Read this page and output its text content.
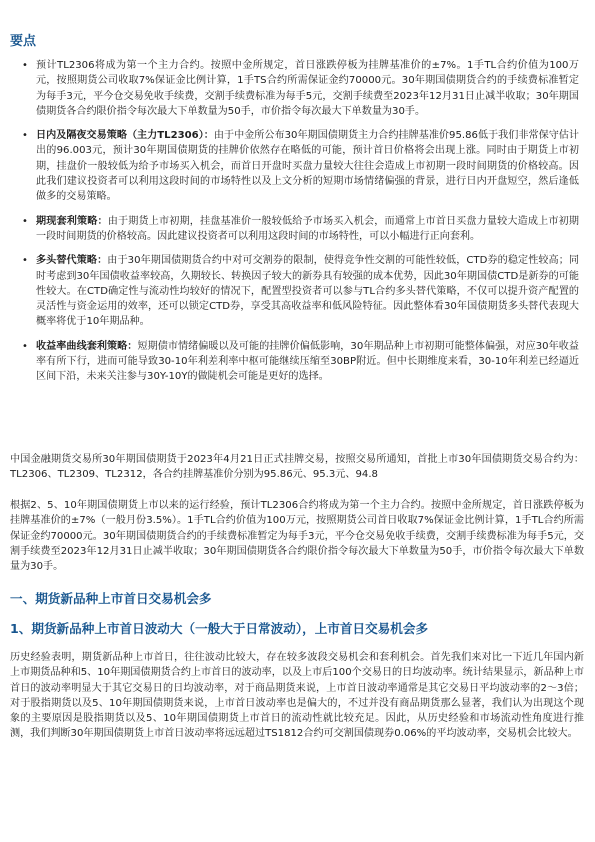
要点
• 预计TL2306将成为第一个主力合约。按照中金所规定，首日涨跌停板为挂牌基准价的±7%。1手TL合约价值为100万元，按照期货公司收取7%保证金比例计算，1手TS合约所需保证金约70000元。30年期国债期货合约的手续费标准暂定为每手3元，平今仓交易免收手续费，交割手续费标准为每手5元，交割手续费至2023年12月31日止减半收取；30年期国债期货各合约限价指令每次最大下单数量为50手，市价指令每次最大下单数量为30手。
• 日内及隔夜交易策略（主力TL2306）：由于中金所公布30年期国债期货主力合约挂牌基准价95.86低于我们非常保守估计出的96.003元，预计30年期国债期货的挂牌价依然存在略低的可能，预计首日价格将会出现上涨。同时由于期货上市初期，挂盘价一般较低为给予市场买入机会，而首日开盘时买盘力量较大往往会造成上市初期一段时间期货的价格较高。因此我们建议投资者可以利用这段时间的市场特性以及上文分析的短期市场情绪偏强的背景，进行日内开盘短空，然后逢低做多的交易策略。
• 期现套利策略：由于期货上市初期，挂盘基准价一般较低给予市场买入机会，而通常上市首日买盘力量较大造成上市初期一段时间期货的价格较高。因此建议投资者可以利用这段时间的市场特性，可以小幅进行正向套利。
• 多头替代策略：由于30年期国债期货合约中对可交割券的限制，使得竞争性交割的可能性较低，CTD券的稳定性较高；同时考虑到30年国债收益率较高，久期较长、转换因子较大的新券具有较强的成本优势，因此30年期国债CTD是新券的可能性较大。在CTD确定性与流动性均较好的情况下，配置型投资者可以参与TL合约多头替代策略，不仅可以提升资产配置的灵活性与资金运用的效率，还可以锁定CTD券，享受其高收益率和低风险特征。因此整体看30年国债期货多头替代表现大概率将优于10年期品种。
• 收益率曲线套利策略：短期债市情绪偏暖以及可能的挂牌价偏低影响，30年期品种上市初期可能整体偏强，对应30年收益率有所下行，进而可能导致30-10年利差利率中枢可能继续压缩至30BP附近。但中长期维度来看，30-10年利差已经逼近区间下沿，未来关注参与30Y-10Y的做陡机会可能是更好的选择。

中国金融期货交易所30年期国债期货于2023年4月21日正式挂牌交易，按照交易所通知，首批上市30年国债期货交易合约为：TL2306、TL2309、TL2312，各合约挂牌基准价分别为95.86元、95.3元、94.8

根据2、5、10年期国债期货上市以来的运行经验，预计TL2306合约将成为第一个主力合约。按照中金所规定，首日涨跌停板为挂牌基准价的±7%（一般月份3.5%）。1手TL合约价值为100万元，按照期货公司首日收取7%保证金比例计算，1手TL合约所需保证金约70000元。30年期国债期货合约的手续费标准暂定为每手3元，平今仓交易免收手续费，交割手续费标准为每手5元，交割手续费至2023年12月31日止减半收取；30年期国债期货各合约限价指令每次最大下单数量为50手，市价指令每次最大下单数量为30手。

一、期货新品种上市首日交易机会多
1、期货新品种上市首日波动大（一般大于日常波动），上市首日交易机会多

历史经验表明，期货新品种上市首日，往往波动比较大，存在较多波段交易机会和套利机会。首先我们来对比一下近几年国内新上市期货品种和5、10年期国债期货合约上市首日的波动率，以及上市后100个交易日的日均波动率。统计结果显示，新品种上市首日的波动率明显大于其它交易日的日均波动率，对于商品期货来说，上市首日波动率通常是其它交易日平均波动率的2～3倍；对于股指期货以及5、10年期国债期货来说，上市首日波动率也是偏大的，不过并没有商品期货那么显著，我们认为出现这个现象的主要原因是股指期货以及5、10年期国债期货上市首日的流动性就比较充足。因此，从历史经验和市场流动性角度进行推测，我们判断30年期国债期货上市首日波动率将远远超过TS1812合约可交割国债现券0.06%的平均波动率，交易机会比较大。
